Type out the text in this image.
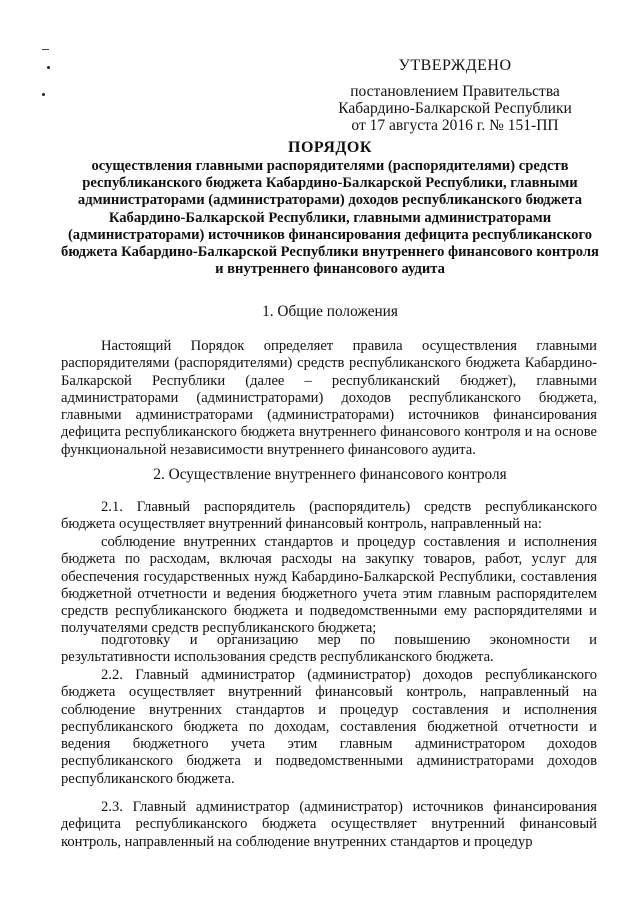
УТВЕРЖДЕНО
постановлением Правительства
Кабардино-Балкарской Республики
от 17 августа 2016 г. № 151-ПП
ПОРЯДОК
осуществления главными распорядителями (распорядителями) средств республиканского бюджета Кабардино-Балкарской Республики, главными администраторами (администраторами) доходов республиканского бюджета Кабардино-Балкарской Республики, главными администраторами (администраторами) источников финансирования дефицита республиканского бюджета Кабардино-Балкарской Республики внутреннего финансового контроля и внутреннего финансового аудита
1. Общие положения
Настоящий Порядок определяет правила осуществления главными распорядителями (распорядителями) средств республиканского бюджета Кабардино-Балкарской Республики (далее – республиканский бюджет), главными администраторами (администраторами) доходов республиканского бюджета, главными администраторами (администраторами) источников финансирования дефицита республиканского бюджета внутреннего финансового контроля и на основе функциональной независимости внутреннего финансового аудита.
2. Осуществление внутреннего финансового контроля
2.1. Главный распорядитель (распорядитель) средств республиканского бюджета осуществляет внутренний финансовый контроль, направленный на:
соблюдение внутренних стандартов и процедур составления и исполнения бюджета по расходам, включая расходы на закупку товаров, работ, услуг для обеспечения государственных нужд Кабардино-Балкарской Республики, составления бюджетной отчетности и ведения бюджетного учета этим главным распорядителем средств республиканского бюджета и подведомственными ему распорядителями и получателями средств республиканского бюджета;
подготовку и организацию мер по повышению экономности и результативности использования средств республиканского бюджета.
2.2. Главный администратор (администратор) доходов республиканского бюджета осуществляет внутренний финансовый контроль, направленный на соблюдение внутренних стандартов и процедур составления и исполнения республиканского бюджета по доходам, составления бюджетной отчетности и ведения бюджетного учета этим главным администратором доходов республиканского бюджета и подведомственными администраторами доходов республиканского бюджета.
2.3. Главный администратор (администратор) источников финансирования дефицита республиканского бюджета осуществляет внутренний финансовый контроль, направленный на соблюдение внутренних стандартов и процедур
